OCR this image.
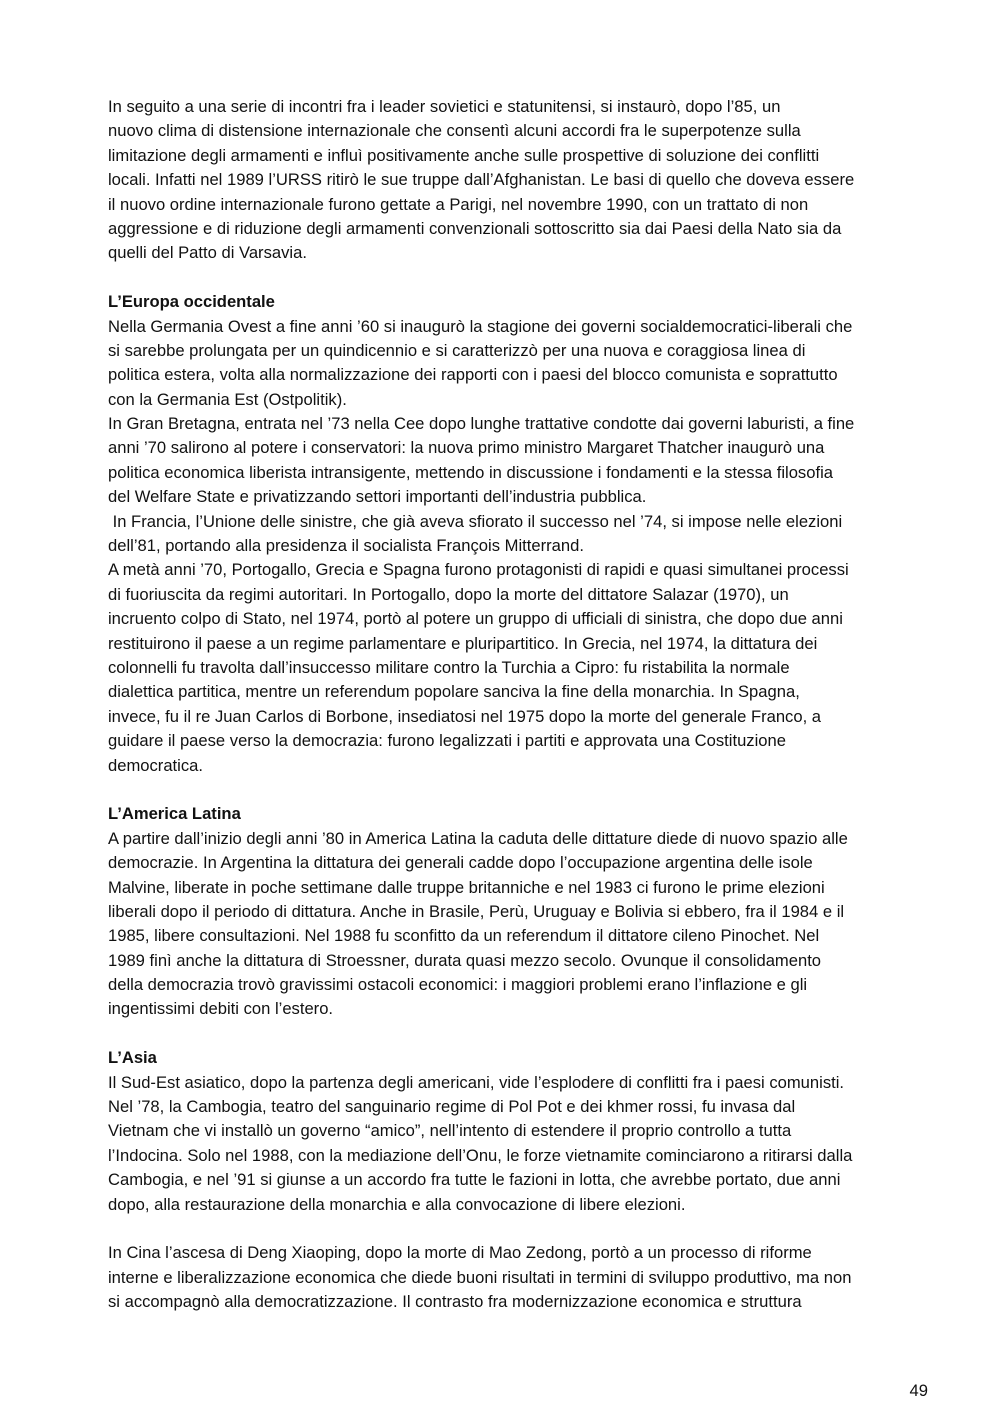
In seguito a una serie di incontri fra i leader sovietici e statunitensi, si instaurò, dopo l’85, un
nuovo clima di distensione internazionale che consentì alcuni accordi fra le superpotenze sulla
limitazione degli armamenti e influì positivamente anche sulle prospettive di soluzione dei conflitti
locali. Infatti nel 1989 l’URSS ritirò le sue truppe dall’Afghanistan. Le basi di quello che doveva essere
il nuovo ordine internazionale furono gettate a Parigi, nel novembre 1990, con un trattato di non
aggressione e di riduzione degli armamenti convenzionali sottoscritto sia dai Paesi della Nato sia da
quelli del Patto di Varsavia.
L’Europa occidentale
Nella Germania Ovest a fine anni ’60 si inaugurò la stagione dei governi socialdemocratici-liberali che
si sarebbe prolungata per un quindicennio e si caratterizzò per una nuova e coraggiosa linea di
politica estera, volta alla normalizzazione dei rapporti con i paesi del blocco comunista e soprattutto
con la Germania Est (Ostpolitik).
In Gran Bretagna, entrata nel ’73 nella Cee dopo lunghe trattative condotte dai governi laburisti, a fine
anni ’70 salirono al potere i conservatori: la nuova primo ministro Margaret Thatcher inaugurò una
politica economica liberista intransigente, mettendo in discussione i fondamenti e la stessa filosofia
del Welfare State e privatizzando settori importanti dell’industria pubblica.
In Francia, l’Unione delle sinistre, che già aveva sfiorato il successo nel ’74, si impose nelle elezioni
dell’81, portando alla presidenza il socialista François Mitterrand.
A metà anni ’70, Portogallo, Grecia e Spagna furono protagonisti di rapidi e quasi simultanei processi
di fuoriuscita da regimi autoritari. In Portogallo, dopo la morte del dittatore Salazar (1970), un
incruento colpo di Stato, nel 1974, portò al potere un gruppo di ufficiali di sinistra, che dopo due anni
restituirono il paese a un regime parlamentare e pluripartitico. In Grecia, nel 1974, la dittatura dei
colonnelli fu travolta dall’insuccesso militare contro la Turchia a Cipro: fu ristabilita la normale
dialettica partitica, mentre un referendum popolare sanciva la fine della monarchia. In Spagna,
invece, fu il re Juan Carlos di Borbone, insediatosi nel 1975 dopo la morte del generale Franco, a
guidare il paese verso la democrazia: furono legalizzati i partiti e approvata una Costituzione
democratica.
L’America Latina
A partire dall’inizio degli anni ’80 in America Latina la caduta delle dittature diede di nuovo spazio alle
democrazie. In Argentina la dittatura dei generali cadde dopo l’occupazione argentina delle isole
Malvine, liberate in poche settimane dalle truppe britanniche e nel 1983 ci furono le prime elezioni
liberali dopo il periodo di dittatura. Anche in Brasile, Perù, Uruguay e Bolivia si ebbero, fra il 1984 e il
1985, libere consultazioni. Nel 1988 fu sconfitto da un referendum il dittatore cileno Pinochet. Nel
1989 finì anche la dittatura di Stroessner, durata quasi mezzo secolo. Ovunque il consolidamento
della democrazia trovò gravissimi ostacoli economici: i maggiori problemi erano l’inflazione e gli
ingentissimi debiti con l’estero.
L’Asia
Il Sud-Est asiatico, dopo la partenza degli americani, vide l’esplodere di conflitti fra i paesi comunisti.
Nel ’78, la Cambogia, teatro del sanguinario regime di Pol Pot e dei khmer rossi, fu invasa dal
Vietnam che vi installò un governo “amico”, nell’intento di estendere il proprio controllo a tutta
l’Indocina. Solo nel 1988, con la mediazione dell’Onu, le forze vietnamite cominciarono a ritirarsi dalla
Cambogia, e nel ’91 si giunse a un accordo fra tutte le fazioni in lotta, che avrebbe portato, due anni
dopo, alla restaurazione della monarchia e alla convocazione di libere elezioni.
In Cina l’ascesa di Deng Xiaoping, dopo la morte di Mao Zedong, portò a un processo di riforme
interne e liberalizzazione economica che diede buoni risultati in termini di sviluppo produttivo, ma non
si accompagnò alla democratizzazione. Il contrasto fra modernizzazione economica e struttura
49
